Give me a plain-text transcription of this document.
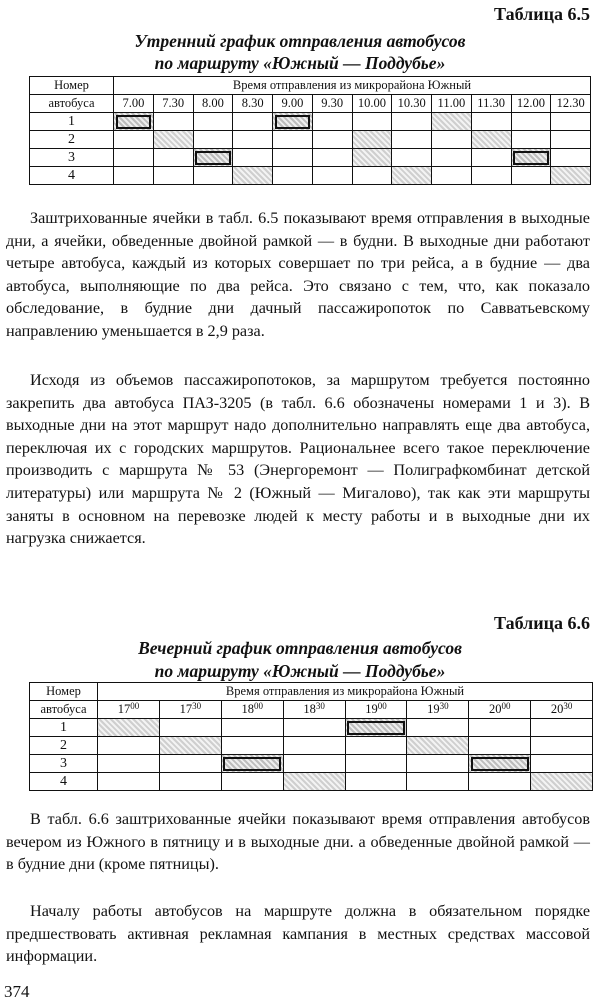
Таблица 6.5
Утренний график отправления автобусов
по маршруту «Южный — Поддубье»
Номер	Время отправления из микрорайона Южный											
автобуса	7.00	7.30	8.00	8.30	9.00	9.30	10.00	10.30	11.00	11.30	12.00	12.30
1												
2												
3												
4												

Заштрихованные ячейки в табл. 6.5 показывают время отправления в выходные дни, а ячейки, обведенные двойной рамкой — в будни. В выходные дни работают четыре автобуса, каждый из которых совершает по три рейса, а в будние — два автобуса, выполняющие по два рейса. Это связано с тем, что, как показало обследование, в будние дни дачный пассажиропоток по Савватьевскому направлению уменьшается в 2,9 раза.

Исходя из объемов пассажиропотоков, за маршрутом требуется постоянно закрепить два автобуса ПАЗ-3205 (в табл. 6.6 обозначены номерами 1 и 3). В выходные дни на этот маршрут надо дополнительно направлять еще два автобуса, переключая их с городских маршрутов. Рациональнее всего такое переключение производить с маршрута № 53 (Энергоремонт — Полиграфкомбинат детской литературы) или маршрута № 2 (Южный — Мигалово), так как эти маршруты заняты в основном на перевозке людей к месту работы и в выходные дни их нагрузка снижается.

Таблица 6.6
Вечерний график отправления автобусов
по маршруту «Южный — Поддубье»
Номер	Время отправления из микрорайона Южный							
автобуса	$17^{00}$	$17^{30}$	$18^{00}$	$18^{30}$	$19^{00}$	$19^{30}$	$20^{00}$	$20^{30}$
1								
2								
3								
4								

В табл. 6.6 заштрихованные ячейки показывают время отправления автобусов вечером из Южного в пятницу и в выходные дни. а обведенные двойной рамкой — в будние дни (кроме пятницы).

Началу работы автобусов на маршруте должна в обязательном порядке предшествовать активная рекламная кампания в местных средствах массовой информации.

374
